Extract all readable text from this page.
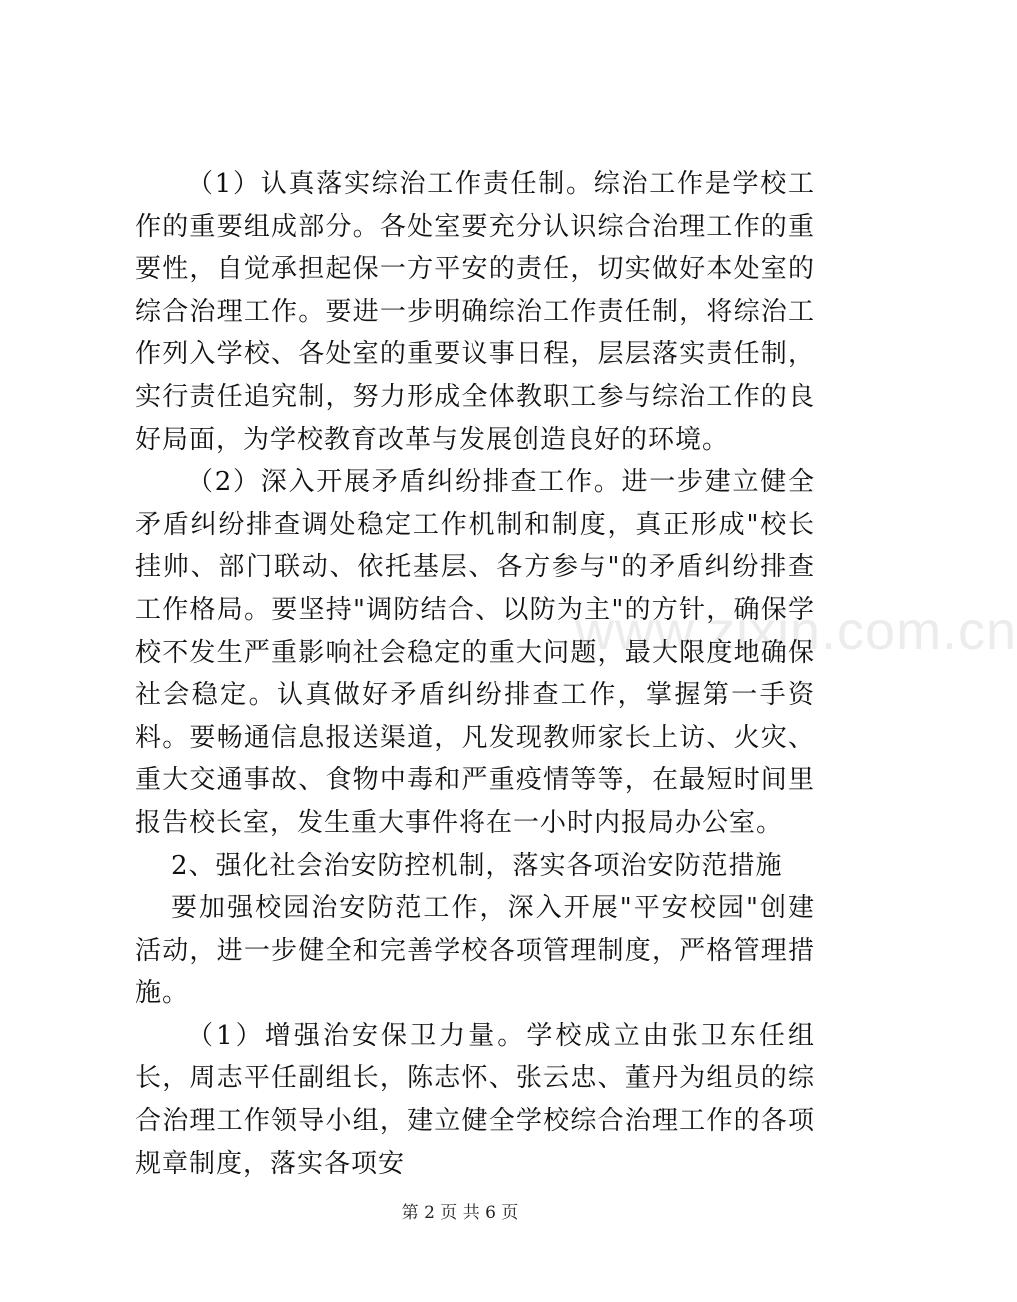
www.zixin.com.cn

（1）认真落实综治工作责任制。综治工作是学校工作的重要组成部分。各处室要充分认识综合治理工作的重要性，自觉承担起保一方平安的责任，切实做好本处室的综合治理工作。要进一步明确综治工作责任制，将综治工作列入学校、各处室的重要议事日程，层层落实责任制，实行责任追究制，努力形成全体教职工参与综治工作的良好局面，为学校教育改革与发展创造良好的环境。

（2）深入开展矛盾纠纷排查工作。进一步建立健全矛盾纠纷排查调处稳定工作机制和制度，真正形成"校长挂帅、部门联动、依托基层、各方参与"的矛盾纠纷排查工作格局。要坚持"调防结合、以防为主"的方针，确保学校不发生严重影响社会稳定的重大问题，最大限度地确保社会稳定。认真做好矛盾纠纷排查工作，掌握第一手资料。要畅通信息报送渠道，凡发现教师家长上访、火灾、重大交通事故、食物中毒和严重疫情等等，在最短时间里报告校长室，发生重大事件将在一小时内报局办公室。

2、强化社会治安防控机制，落实各项治安防范措施

要加强校园治安防范工作，深入开展"平安校园"创建活动，进一步健全和完善学校各项管理制度，严格管理措施。

（1）增强治安保卫力量。学校成立由张卫东任组长，周志平任副组长，陈志怀、张云忠、董丹为组员的综合治理工作领导小组，建立健全学校综合治理工作的各项规章制度，落实各项安

第 2 页 共 6 页
